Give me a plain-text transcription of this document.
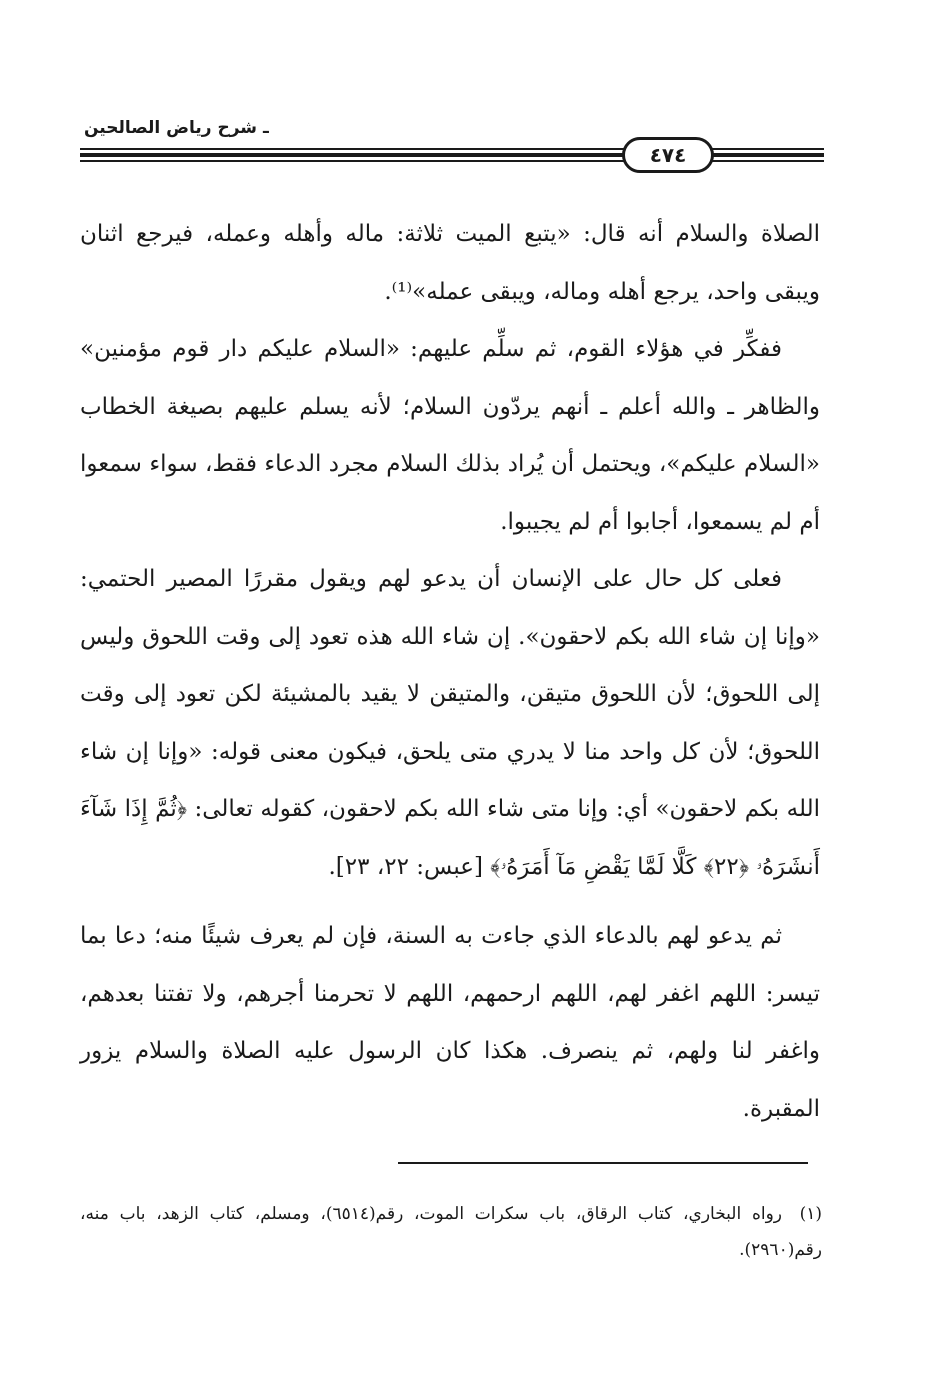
ـ شرح رياض الصالحين
٤٧٤

الصلاة والسلام أنه قال: «يتبع الميت ثلاثة: ماله وأهله وعمله، فيرجع اثنان ويبقى واحد، يرجع أهله وماله، ويبقى عمله»⁽¹⁾.

ففكِّر في هؤلاء القوم، ثم سلِّم عليهم: «السلام عليكم دار قوم مؤمنين» والظاهر ـ والله أعلم ـ أنهم يردّون السلام؛ لأنه يسلم عليهم بصيغة الخطاب «السلام عليكم»، ويحتمل أن يُراد بذلك السلام مجرد الدعاء فقط، سواء سمعوا أم لم يسمعوا، أجابوا أم لم يجيبوا.

فعلى كل حال على الإنسان أن يدعو لهم ويقول مقررًا المصير الحتمي: «وإنا إن شاء الله بكم لاحقون». إن شاء الله هذه تعود إلى وقت اللحوق وليس إلى اللحوق؛ لأن اللحوق متيقن، والمتيقن لا يقيد بالمشيئة لكن تعود إلى وقت اللحوق؛ لأن كل واحد منا لا يدري متى يلحق، فيكون معنى قوله: «وإنا إن شاء الله بكم لاحقون» أي: وإنا متى شاء الله بكم لاحقون، كقوله تعالى: ﴿ثُمَّ إِذَا شَآءَ أَنشَرَهُۥ ﴿٢٢﴾ كَلَّا لَمَّا يَقْضِ مَآ أَمَرَهُۥ﴾ [عبس: ٢٢، ٢٣].

ثم يدعو لهم بالدعاء الذي جاءت به السنة، فإن لم يعرف شيئًا منه؛ دعا بما تيسر: اللهم اغفر لهم، اللهم ارحمهم، اللهم لا تحرمنا أجرهم، ولا تفتنا بعدهم، واغفر لنا ولهم، ثم ينصرف. هكذا كان الرسول عليه الصلاة والسلام يزور المقبرة.

(١)رواه البخاري، كتاب الرقاق، باب سكرات الموت، رقم(٦٥١٤)، ومسلم، كتاب الزهد، باب منه، رقم(٢٩٦٠).
